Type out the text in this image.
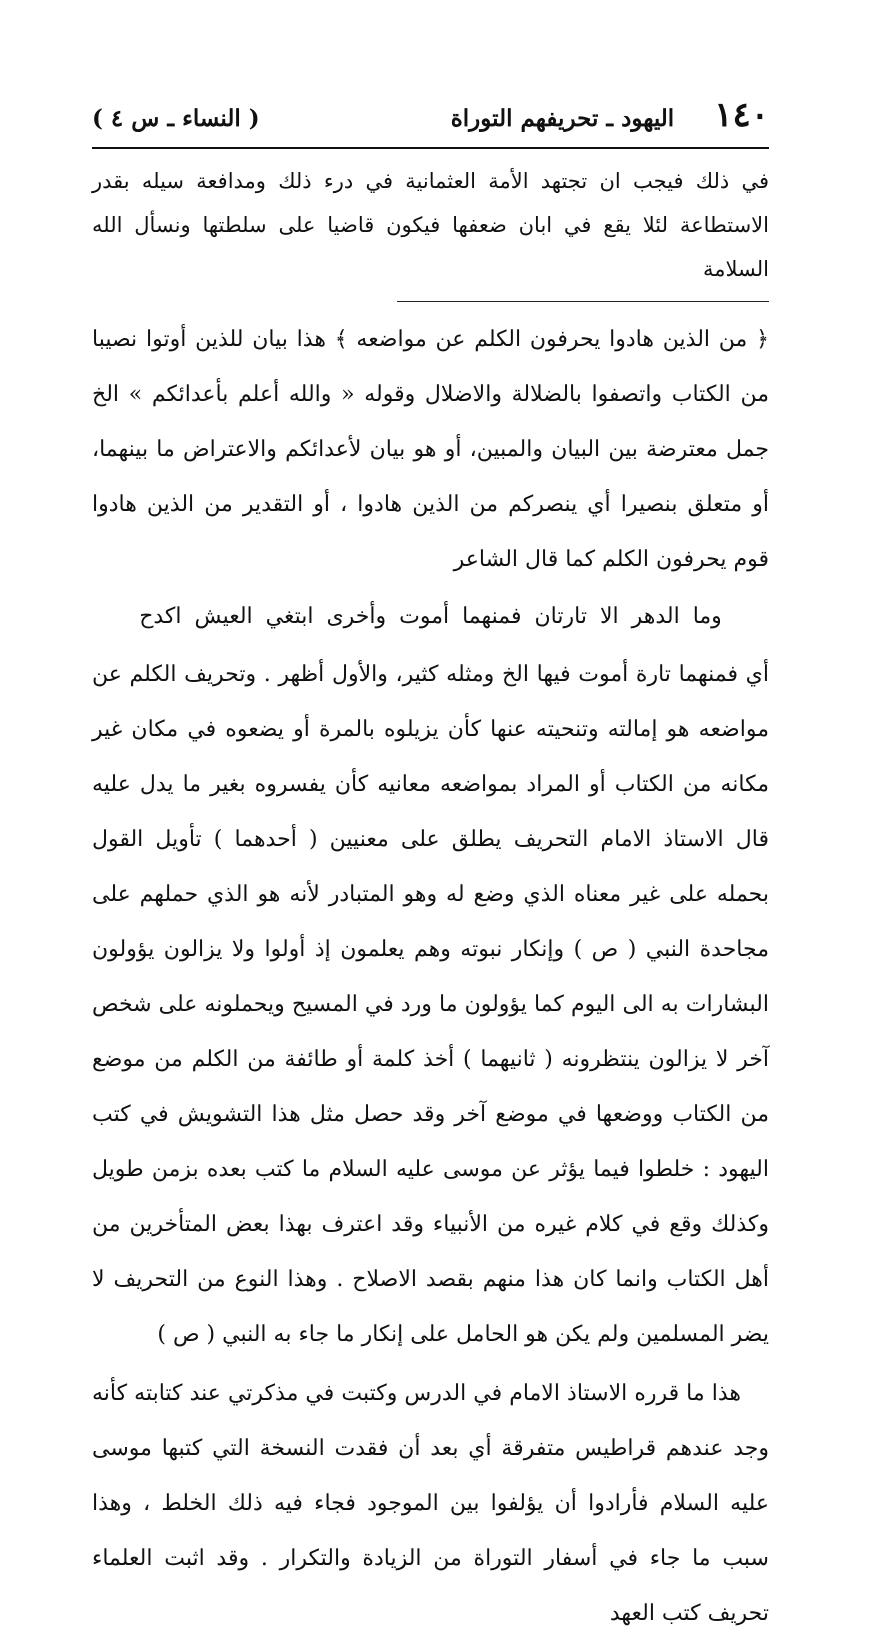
١٤٠
اليهود ـ تحريفهم التوراة
( النساء ـ س ٤ )

في ذلك فيجب ان تجتهد الأمة العثمانية في درء ذلك ومدافعة سيله بقدر الاستطاعة لئلا يقع في ابان ضعفها فيكون قاضيا على سلطتها ونسأل الله السلامة

﴿ من الذين هادوا يحرفون الكلم عن مواضعه ﴾ هذا بيان للذين أوتوا نصيبا من الكتاب واتصفوا بالضلالة والاضلال وقوله « والله أعلم بأعدائكم » الخ جمل معترضة بين البيان والمبين، أو هو بيان لأعدائكم والاعتراض ما بينهما، أو متعلق بنصيرا أي ينصركم من الذين هادوا ، أو التقدير من الذين هادوا قوم يحرفون الكلم كما قال الشاعر

وما الدهر الا تارتان فمنهما أموت وأخرى ابتغي العيش اكدح

أي فمنهما تارة أموت فيها الخ ومثله كثير، والأول أظهر . وتحريف الكلم عن مواضعه هو إمالته وتنحيته عنها كأن يزيلوه بالمرة أو يضعوه في مكان غير مكانه من الكتاب أو المراد بمواضعه معانيه كأن يفسروه بغير ما يدل عليه قال الاستاذ الامام التحريف يطلق على معنيين ( أحدهما ) تأويل القول بحمله على غير معناه الذي وضع له وهو المتبادر لأنه هو الذي حملهم على مجاحدة النبي ( ص ) وإنكار نبوته وهم يعلمون إذ أولوا ولا يزالون يؤولون البشارات به الى اليوم كما يؤولون ما ورد في المسيح ويحملونه على شخص آخر لا يزالون ينتظرونه ( ثانيهما ) أخذ كلمة أو طائفة من الكلم من موضع من الكتاب ووضعها في موضع آخر وقد حصل مثل هذا التشويش في كتب اليهود : خلطوا فيما يؤثر عن موسى عليه السلام ما كتب بعده بزمن طويل وكذلك وقع في كلام غيره من الأنبياء وقد اعترف بهذا بعض المتأخرين من أهل الكتاب وانما كان هذا منهم بقصد الاصلاح . وهذا النوع من التحريف لا يضر المسلمين ولم يكن هو الحامل على إنكار ما جاء به النبي ( ص )

هذا ما قرره الاستاذ الامام في الدرس وكتبت في مذكرتي عند كتابته كأنه وجد عندهم قراطيس متفرقة أي بعد أن فقدت النسخة التي كتبها موسى عليه السلام فأرادوا أن يؤلفوا بين الموجود فجاء فيه ذلك الخلط ، وهذا سبب ما جاء في أسفار التوراة من الزيادة والتكرار . وقد اثبت العلماء تحريف كتب العهد
